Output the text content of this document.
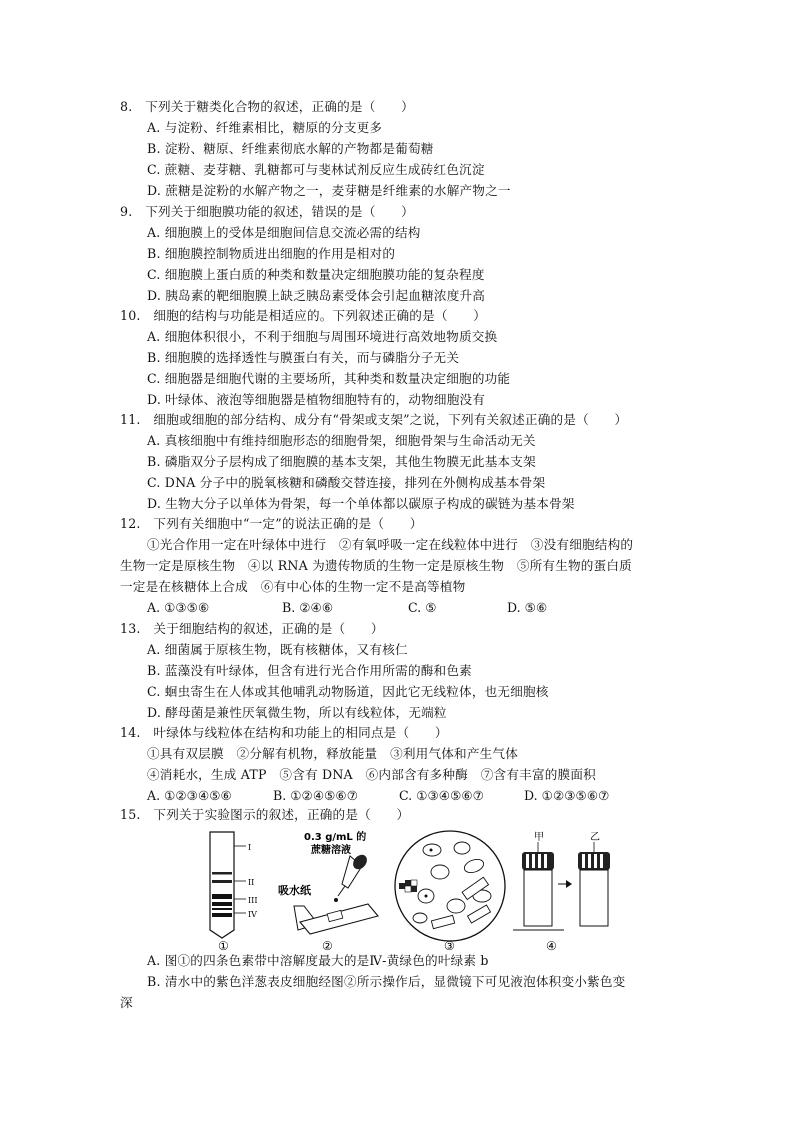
8.　下列关于糖类化合物的叙述，正确的是（　　）
A. 与淀粉、纤维素相比，糖原的分支更多
B. 淀粉、糖原、纤维素彻底水解的产物都是葡萄糖
C. 蔗糖、麦芽糖、乳糖都可与斐林试剂反应生成砖红色沉淀
D. 蔗糖是淀粉的水解产物之一，麦芽糖是纤维素的水解产物之一
9.　下列关于细胞膜功能的叙述，错误的是（　　）
A. 细胞膜上的受体是细胞间信息交流必需的结构
B. 细胞膜控制物质进出细胞的作用是相对的
C. 细胞膜上蛋白质的种类和数量决定细胞膜功能的复杂程度
D. 胰岛素的靶细胞膜上缺乏胰岛素受体会引起血糖浓度升高
10.　细胞的结构与功能是相适应的。下列叙述正确的是（　　）
A. 细胞体积很小，不利于细胞与周围环境进行高效地物质交换
B. 细胞膜的选择透性与膜蛋白有关，而与磷脂分子无关
C. 细胞器是细胞代谢的主要场所，其种类和数量决定细胞的功能
D. 叶绿体、液泡等细胞器是植物细胞特有的，动物细胞没有
11.　细胞或细胞的部分结构、成分有“骨架或支架”之说，下列有关叙述正确的是（　　）
A. 真核细胞中有维持细胞形态的细胞骨架，细胞骨架与生命活动无关
B. 磷脂双分子层构成了细胞膜的基本支架，其他生物膜无此基本支架
C. DNA 分子中的脱氧核糖和磷酸交替连接，排列在外侧构成基本骨架
D. 生物大分子以单体为骨架，每一个单体都以碳原子构成的碳链为基本骨架
12.　下列有关细胞中“一定”的说法正确的是（　　）
①光合作用一定在叶绿体中进行　②有氧呼吸一定在线粒体中进行　③没有细胞结构的
生物一定是原核生物　④以 RNA 为遗传物质的生物一定是原核生物　⑤所有生物的蛋白质
一定是在核糖体上合成　⑥有中心体的生物一定不是高等植物
A. ①③⑤⑥	B. ②④⑥	C. ⑤	D. ⑤⑥
13.　关于细胞结构的叙述，正确的是（　　）
A. 细菌属于原核生物，既有核糖体，又有核仁
B. 蓝藻没有叶绿体，但含有进行光合作用所需的酶和色素
C. 蛔虫寄生在人体或其他哺乳动物肠道，因此它无线粒体，也无细胞核
D. 酵母菌是兼性厌氧微生物，所以有线粒体，无端粒
14.　叶绿体与线粒体在结构和功能上的相同点是（　　）
①具有双层膜　②分解有机物，释放能量　③利用气体和产生气体
④消耗水，生成 ATP　⑤含有 DNA　⑥内部含有多种酶　⑦含有丰富的膜面积
A. ①②③④⑤⑥	B. ①②④⑤⑥⑦	C. ①③④⑤⑥⑦	D. ①②③⑤⑥⑦
15.　下列关于实验图示的叙述，正确的是（　　）
I
II
III
IV
①
0.3 g/mL 的
蔗糖溶液
吸水纸
②	③
甲	乙
④
A. 图①的四条色素带中溶解度最大的是Ⅳ-黄绿色的叶绿素 b
B. 清水中的紫色洋葱表皮细胞经图②所示操作后，显微镜下可见液泡体积变小紫色变
深
